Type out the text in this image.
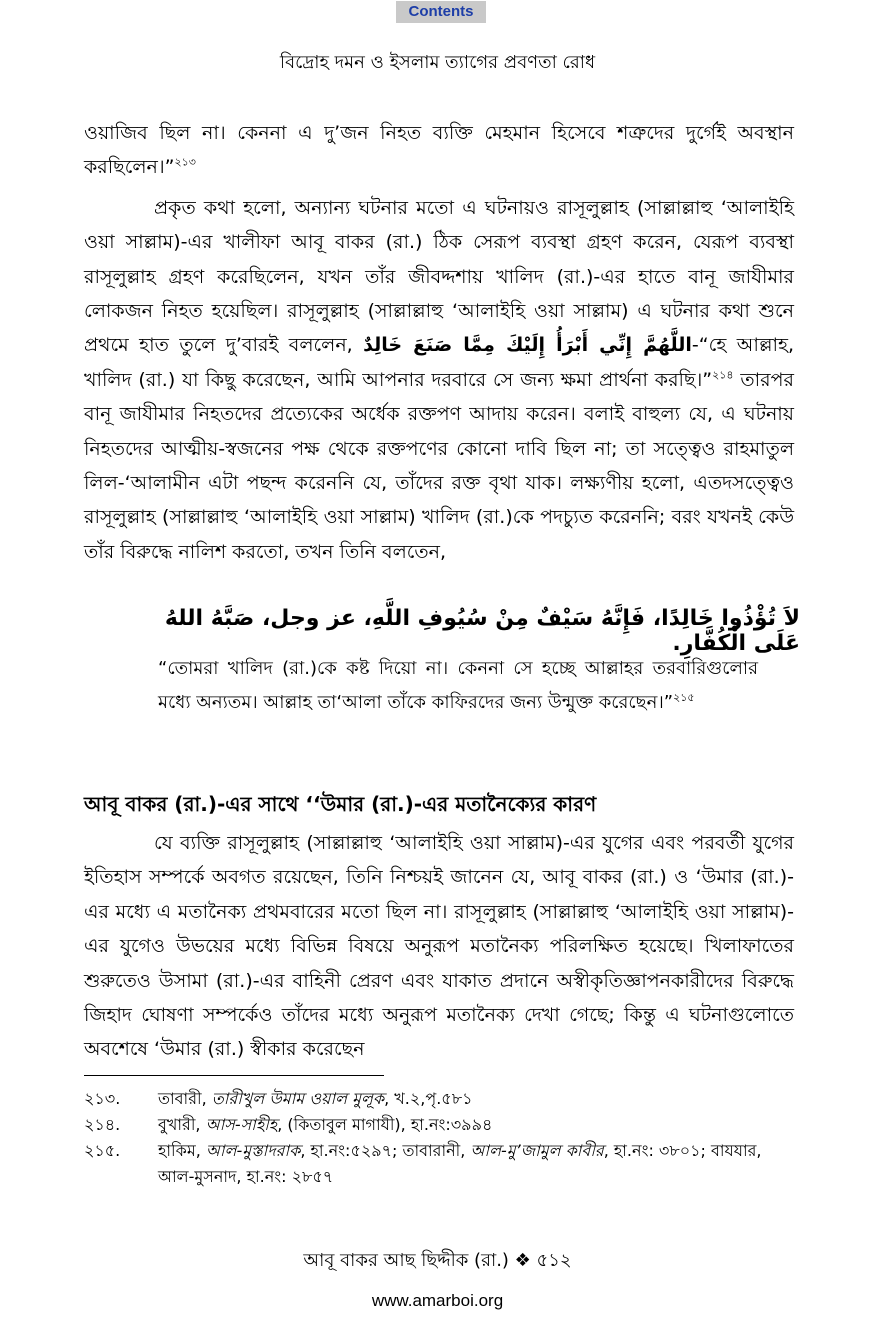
Contents
বিদ্রোহ দমন ও ইসলাম ত্যাগের প্রবণতা রোধ

ওয়াজিব ছিল না। কেননা এ দু’জন নিহত ব্যক্তি মেহমান হিসেবে শত্রুদের দুর্গেই অবস্থান করছিলেন।”$^{২১৩}$

প্রকৃত কথা হলো, অন্যান্য ঘটনার মতো এ ঘটনায়ও রাসূলুল্লাহ (সাল্লাল্লাহু ‘আলাইহি ওয়া সাল্লাম)-এর খালীফা আবূ বাকর (রা.) ঠিক সেরূপ ব্যবস্থা গ্রহণ করেন, যেরূপ ব্যবস্থা রাসূলুল্লাহ গ্রহণ করেছিলেন, যখন তাঁর জীবদ্দশায় খালিদ (রা.)-এর হাতে বানূ জাযীমার লোকজন নিহত হয়েছিল। রাসূলুল্লাহ (সাল্লাল্লাহু ‘আলাইহি ওয়া সাল্লাম) এ ঘটনার কথা শুনে প্রথমে হাত তুলে দু’বারই বললেন, اللَّهُمَّ إِنِّي أَبْرَأُ إِلَيْكَ مِمَّا صَنَعَ خَالِدٌ-“হে আল্লাহ, খালিদ (রা.) যা কিছু করেছেন, আমি আপনার দরবারে সে জন্য ক্ষমা প্রার্থনা করছি।”$^{২১৪}$ তারপর বানূ জাযীমার নিহতদের প্রত্যেকের অর্ধেক রক্তপণ আদায় করেন। বলাই বাহুল্য যে, এ ঘটনায় নিহতদের আত্মীয়-স্বজনের পক্ষ থেকে রক্তপণের কোনো দাবি ছিল না; তা সত্ত্বেও রাহমাতুল লিল-‘আলামীন এটা পছন্দ করেননি যে, তাঁদের রক্ত বৃথা যাক। লক্ষ্যণীয় হলো, এতদসত্ত্বেও রাসূলুল্লাহ (সাল্লাল্লাহু ‘আলাইহি ওয়া সাল্লাম) খালিদ (রা.)কে পদচ্যুত করেননি; বরং যখনই কেউ তাঁর বিরুদ্ধে নালিশ করতো, তখন তিনি বলতেন,

لاَ تُؤْذُوا خَالِدًا، فَإِنَّهُ سَيْفٌ مِنْ سُيُوفِ اللَّهِ، عز وجل، صَبَّهُ اللهُ عَلَى الْكُفَّارِ.

“তোমরা খালিদ (রা.)কে কষ্ট দিয়ো না। কেননা সে হচ্ছে আল্লাহর তরবারিগুলোর মধ্যে অন্যতম। আল্লাহ তা‘আলা তাঁকে কাফিরদের জন্য উন্মুক্ত করেছেন।”$^{২১৫}$

আবূ বাকর (রা.)-এর সাথে ‘‘উমার (রা.)-এর মতানৈক্যের কারণ

যে ব্যক্তি রাসূলুল্লাহ (সাল্লাল্লাহু ‘আলাইহি ওয়া সাল্লাম)-এর যুগের এবং পরবর্তী যুগের ইতিহাস সম্পর্কে অবগত রয়েছেন, তিনি নিশ্চয়ই জানেন যে, আবূ বাকর (রা.) ও ‘উমার (রা.)-এর মধ্যে এ মতানৈক্য প্রথমবারের মতো ছিল না। রাসূলুল্লাহ (সাল্লাল্লাহু ‘আলাইহি ওয়া সাল্লাম)-এর যুগেও উভয়ের মধ্যে বিভিন্ন বিষয়ে অনুরূপ মতানৈক্য পরিলক্ষিত হয়েছে। খিলাফাতের শুরুতেও উসামা (রা.)-এর বাহিনী প্রেরণ এবং যাকাত প্রদানে অস্বীকৃতিজ্ঞাপনকারীদের বিরুদ্ধে জিহাদ ঘোষণা সম্পর্কেও তাঁদের মধ্যে অনুরূপ মতানৈক্য দেখা গেছে; কিন্তু এ ঘটনাগুলোতে অবশেষে ‘উমার (রা.) স্বীকার করেছেন

২১৩.	তাবারী, তারীখুল উমাম ওয়াল মুলূক, খ.২,পৃ.৫৮১
২১৪.	বুখারী, আস-সাহীহ, (কিতাবুল মাগাযী), হা.নং:৩৯৯৪
২১৫.	হাকিম, আল-মুস্তাদরাক, হা.নং:৫২৯৭; তাবারানী, আল-মু’জামুল কাবীর, হা.নং: ৩৮০১; বাযযার, আল-মুসনাদ, হা.নং: ২৮৫৭
আবূ বাকর আছ ছিদ্দীক (রা.) ❖ ৫১২
www.amarboi.org
